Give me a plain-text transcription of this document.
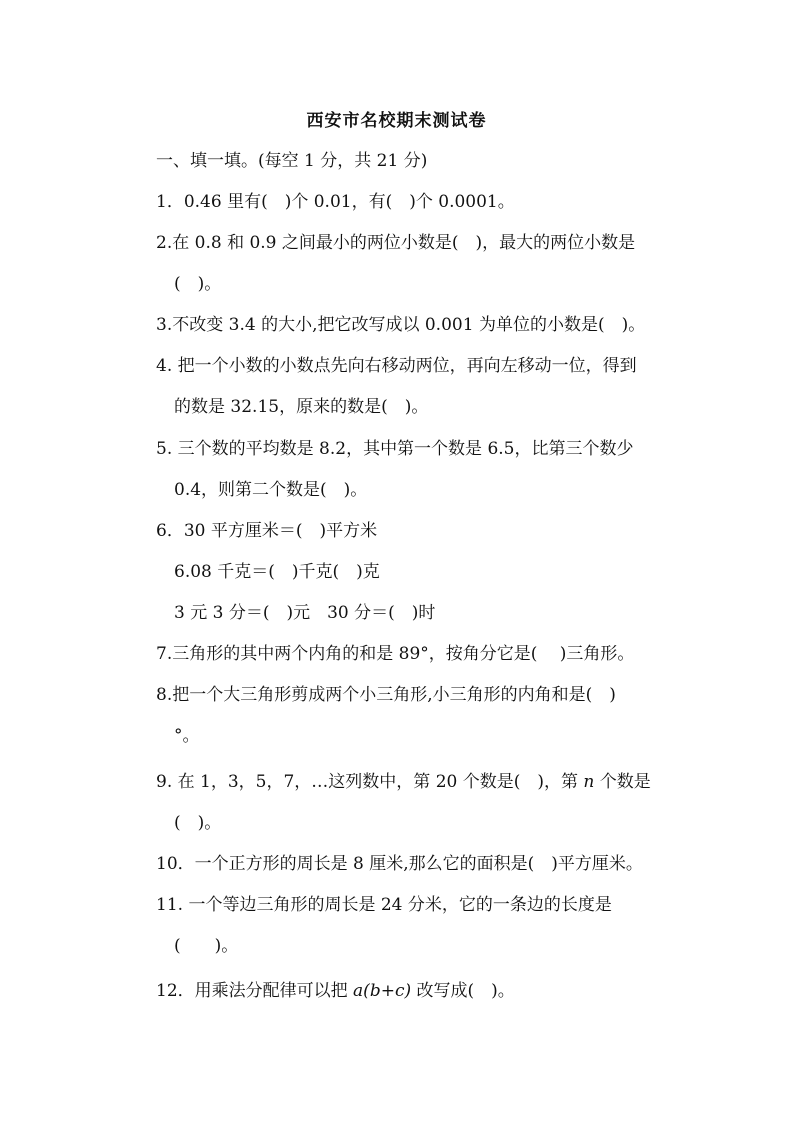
西安市名校期末测试卷
一、填一填。(每空 1 分，共 21 分)
1．0.46 里有(　)个 0.01，有(　)个 0.0001。
2.在 0.8 和 0.9 之间最小的两位小数是(　)，最大的两位小数是
(　)。
3.不改变 3.4 的大小,把它改写成以 0.001 为单位的小数是(　)。
4. 把一个小数的小数点先向右移动两位，再向左移动一位，得到
的数是 32.15，原来的数是(　)。
5. 三个数的平均数是 8.2，其中第一个数是 6.5，比第三个数少
0.4，则第二个数是(　)。
6．30 平方厘米＝(　)平方米
6.08 千克＝(　)千克(　)克
3 元 3 分＝(　)元　30 分＝(　)时
7.三角形的其中两个内角的和是 89°，按角分它是(　 )三角形。
8.把一个大三角形剪成两个小三角形,小三角形的内角和是(　)
°。
9. 在 1，3，5，7，…这列数中，第 20 个数是(　)，第 n 个数是
(　)。
10．一个正方形的周长是 8 厘米,那么它的面积是(　)平方厘米。
11. 一个等边三角形的周长是 24 分米，它的一条边的长度是
(　　)。
12．用乘法分配律可以把 a(b+c) 改写成(　)。
